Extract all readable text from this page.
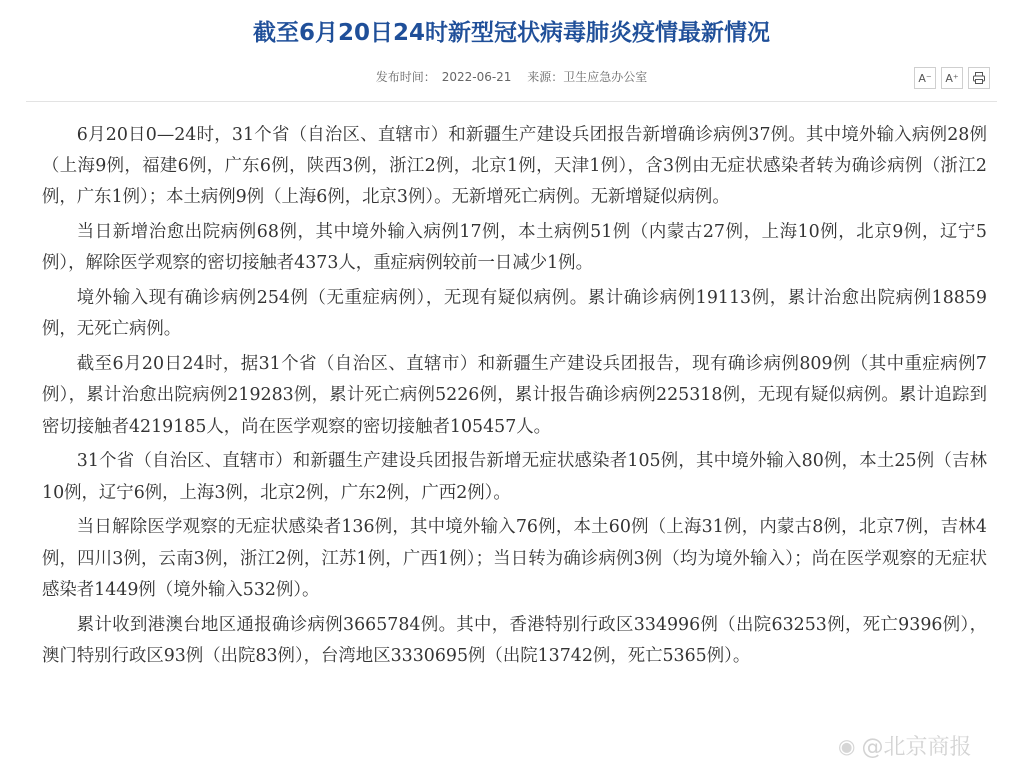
截至6月20日24时新型冠状病毒肺炎疫情最新情况
发布时间： 2022-06-21 来源：卫生应急办公室	A⁻	A⁺

6月20日0—24时，31个省（自治区、直辖市）和新疆生产建设兵团报告新增确诊病例37例。其中境外输入病例28例（上海9例，福建6例，广东6例，陕西3例，浙江2例，北京1例，天津1例），含3例由无症状感染者转为确诊病例（浙江2例，广东1例）；本土病例9例（上海6例，北京3例）。无新增死亡病例。无新增疑似病例。

当日新增治愈出院病例68例，其中境外输入病例17例，本土病例51例（内蒙古27例，上海10例，北京9例，辽宁5例），解除医学观察的密切接触者4373人，重症病例较前一日减少1例。

境外输入现有确诊病例254例（无重症病例），无现有疑似病例。累计确诊病例19113例，累计治愈出院病例18859例，无死亡病例。

截至6月20日24时，据31个省（自治区、直辖市）和新疆生产建设兵团报告，现有确诊病例809例（其中重症病例7例），累计治愈出院病例219283例，累计死亡病例5226例，累计报告确诊病例225318例，无现有疑似病例。累计追踪到密切接触者4219185人，尚在医学观察的密切接触者105457人。

31个省（自治区、直辖市）和新疆生产建设兵团报告新增无症状感染者105例，其中境外输入80例，本土25例（吉林10例，辽宁6例，上海3例，北京2例，广东2例，广西2例）。

当日解除医学观察的无症状感染者136例，其中境外输入76例，本土60例（上海31例，内蒙古8例，北京7例，吉林4例，四川3例，云南3例，浙江2例，江苏1例，广西1例）；当日转为确诊病例3例（均为境外输入）；尚在医学观察的无症状感染者1449例（境外输入532例）。

累计收到港澳台地区通报确诊病例3665784例。其中，香港特别行政区334996例（出院63253例，死亡9396例），澳门特别行政区93例（出院83例），台湾地区3330695例（出院13742例，死亡5365例）。

◉ @北京商报
